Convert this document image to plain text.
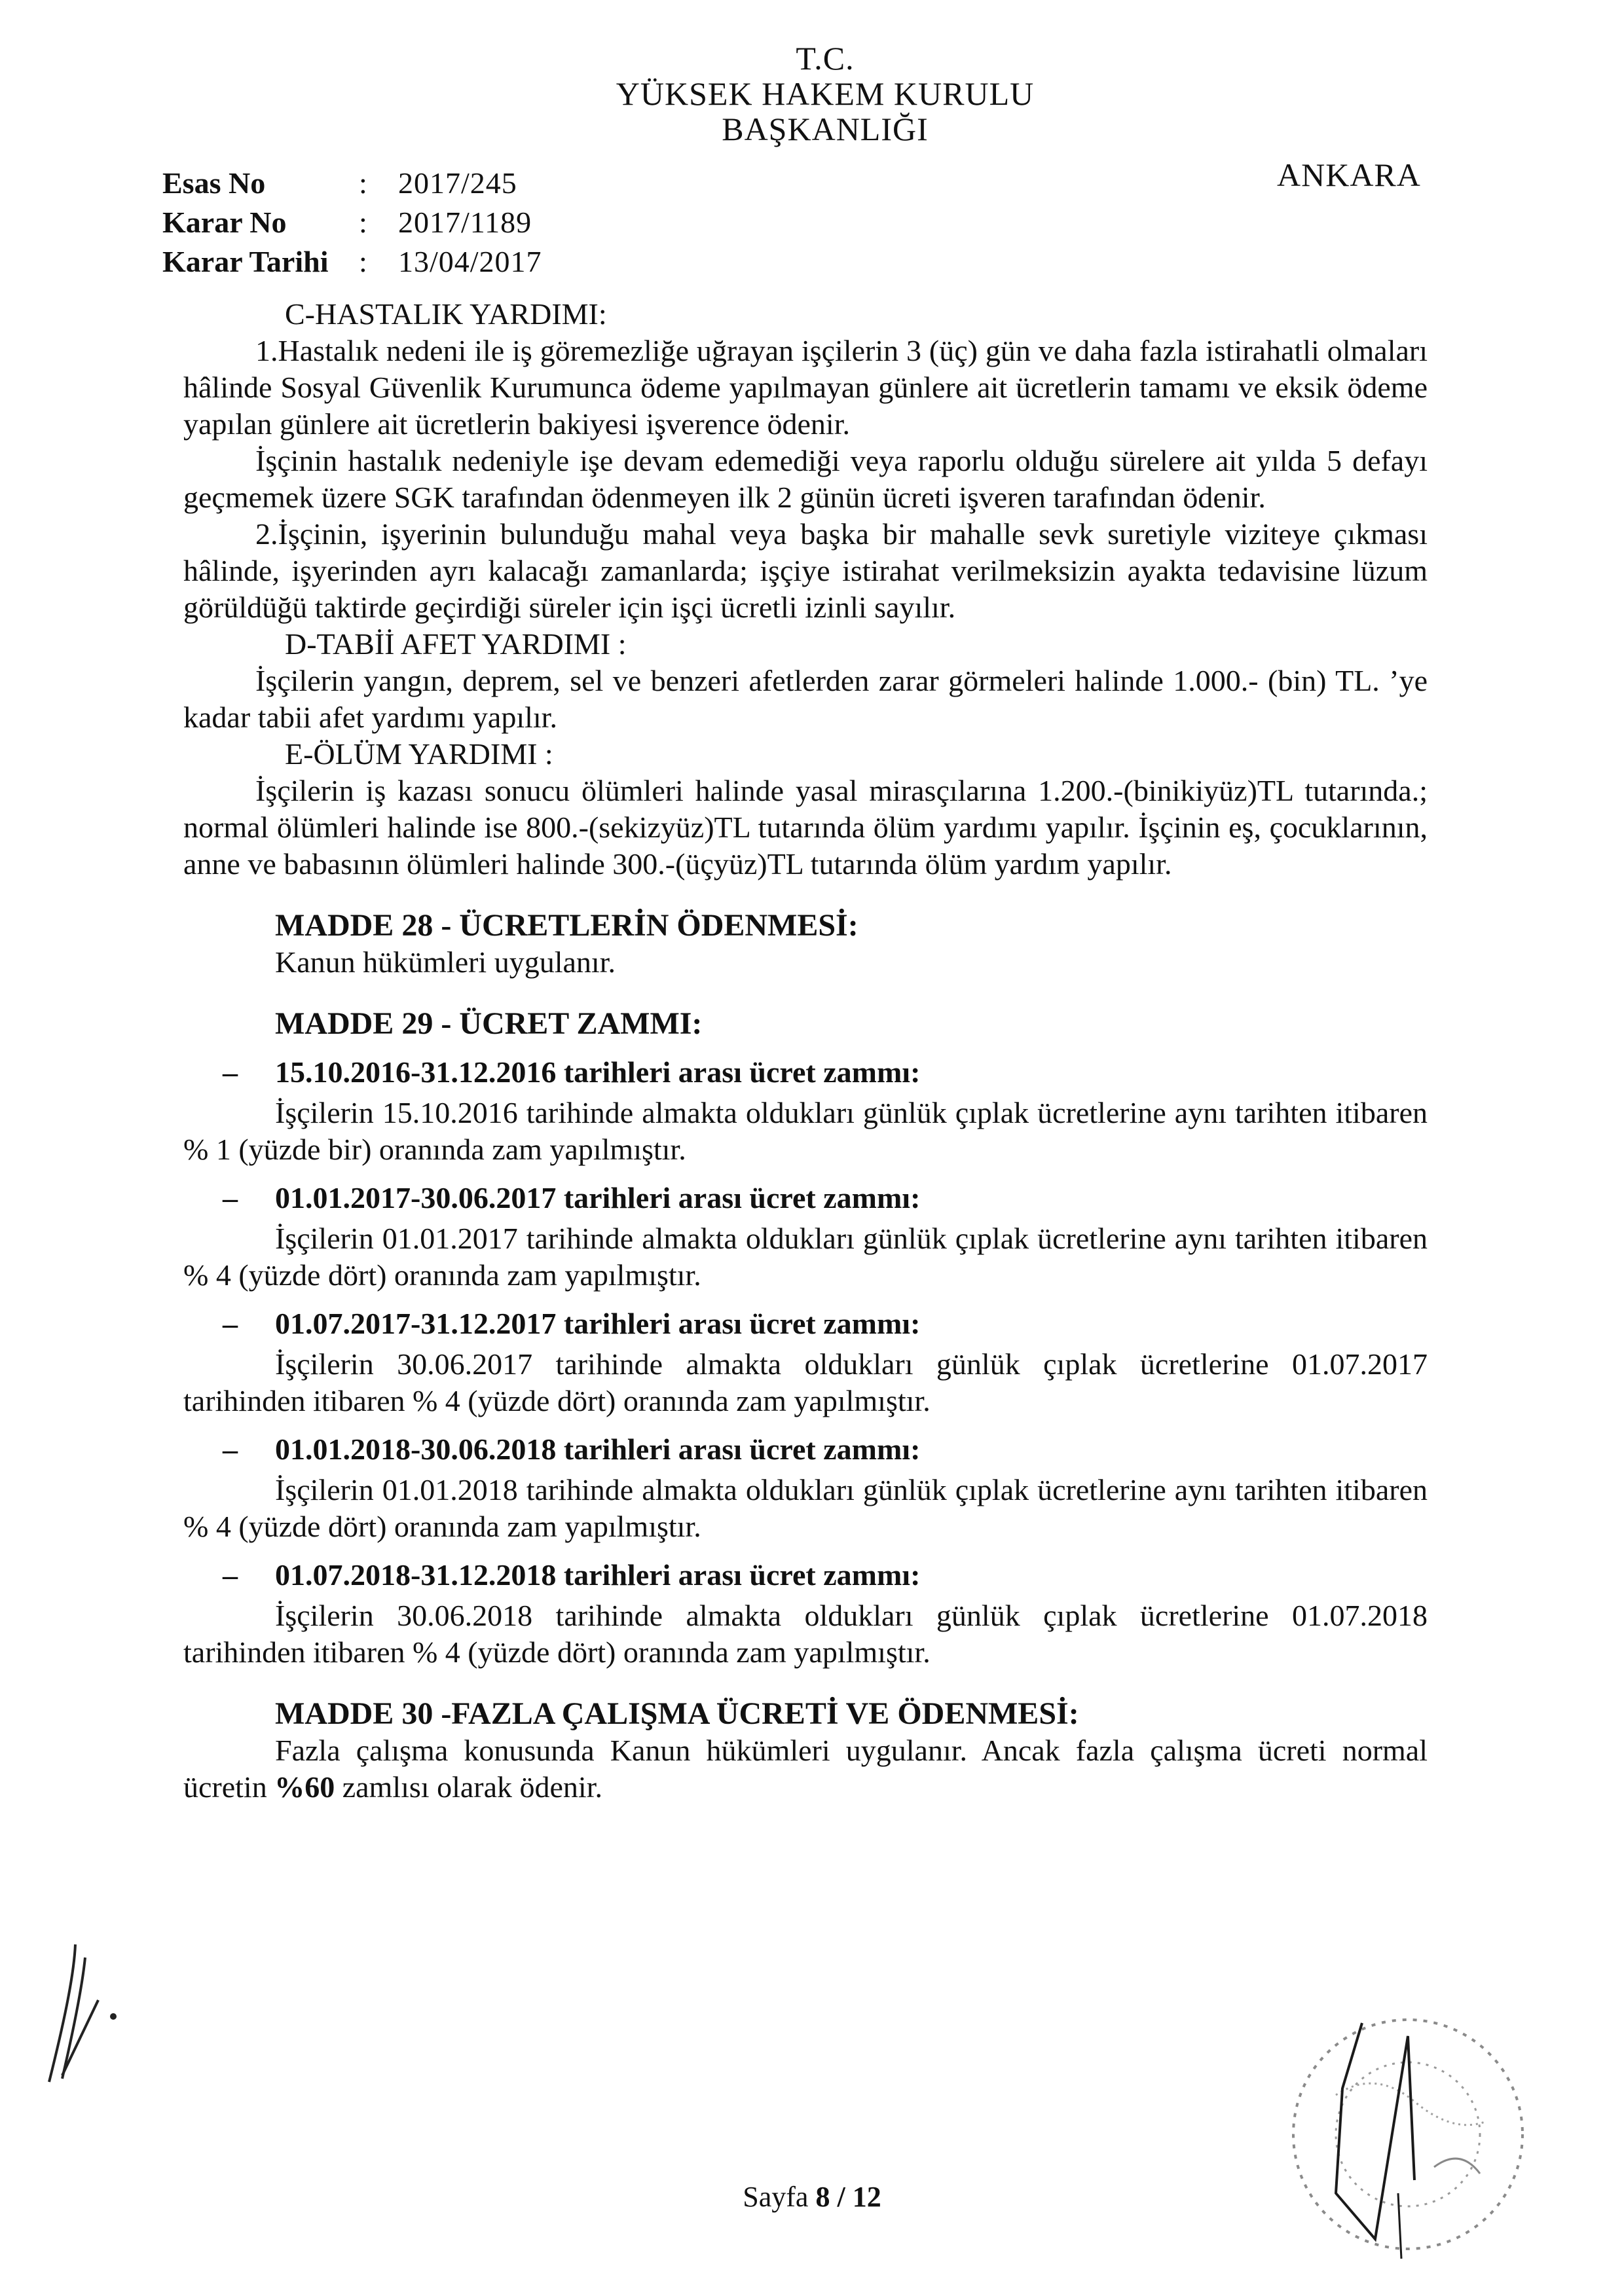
T.C.
YÜKSEK HAKEM KURULU
BAŞKANLIĞI
ANKARA
Esas No	:	2017/245
Karar No	:	2017/1189
Karar Tarihi	:	13/04/2017
C-HASTALIK YARDIMI:

1.Hastalık nedeni ile iş göremezliğe uğrayan işçilerin 3 (üç) gün ve daha fazla istirahatli olmaları hâlinde Sosyal Güvenlik Kurumunca ödeme yapılmayan günlere ait ücretlerin tamamı ve eksik ödeme yapılan günlere ait ücretlerin bakiyesi işverence ödenir.

İşçinin hastalık nedeniyle işe devam edemediği veya raporlu olduğu sürelere ait yılda 5 defayı geçmemek üzere SGK tarafından ödenmeyen ilk 2 günün ücreti işveren tarafından ödenir.

2.İşçinin, işyerinin bulunduğu mahal veya başka bir mahalle sevk suretiyle viziteye çıkması hâlinde, işyerinden ayrı kalacağı zamanlarda; işçiye istirahat verilmeksizin ayakta tedavisine lüzum görüldüğü taktirde geçirdiği süreler için işçi ücretli izinli sayılır.

D-TABİİ AFET YARDIMI :

İşçilerin yangın, deprem, sel ve benzeri afetlerden zarar görmeleri halinde 1.000.- (bin) TL. ’ye kadar tabii afet yardımı yapılır.

E-ÖLÜM YARDIMI :

İşçilerin iş kazası sonucu ölümleri halinde yasal mirasçılarına 1.200.-(binikiyüz)TL tutarında.; normal ölümleri halinde ise 800.-(sekizyüz)TL tutarında ölüm yardımı yapılır. İşçinin eş, çocuklarının, anne ve babasının ölümleri halinde 300.-(üçyüz)TL tutarında ölüm yardım yapılır.

MADDE 28 - ÜCRETLERİN ÖDENMESİ:

Kanun hükümleri uygulanır.

MADDE 29 - ÜCRET ZAMMI:
–	15.10.2016-31.12.2016 tarihleri arası ücret zammı:

İşçilerin 15.10.2016 tarihinde almakta oldukları günlük çıplak ücretlerine aynı tarihten itibaren % 1 (yüzde bir) oranında zam yapılmıştır.

–	01.01.2017-30.06.2017 tarihleri arası ücret zammı:

İşçilerin 01.01.2017 tarihinde almakta oldukları günlük çıplak ücretlerine aynı tarihten itibaren % 4 (yüzde dört) oranında zam yapılmıştır.

–	01.07.2017-31.12.2017 tarihleri arası ücret zammı:

İşçilerin 30.06.2017 tarihinde almakta oldukları günlük çıplak ücretlerine 01.07.2017 tarihinden itibaren % 4 (yüzde dört) oranında zam yapılmıştır.

–	01.01.2018-30.06.2018 tarihleri arası ücret zammı:

İşçilerin 01.01.2018 tarihinde almakta oldukları günlük çıplak ücretlerine aynı tarihten itibaren % 4 (yüzde dört) oranında zam yapılmıştır.

–	01.07.2018-31.12.2018 tarihleri arası ücret zammı:

İşçilerin 30.06.2018 tarihinde almakta oldukları günlük çıplak ücretlerine 01.07.2018 tarihinden itibaren % 4 (yüzde dört) oranında zam yapılmıştır.

MADDE 30 -FAZLA ÇALIŞMA ÜCRETİ VE ÖDENMESİ:

Fazla çalışma konusunda Kanun hükümleri uygulanır. Ancak fazla çalışma ücreti normal ücretin %60 zamlısı olarak ödenir.

Sayfa 8 / 12
